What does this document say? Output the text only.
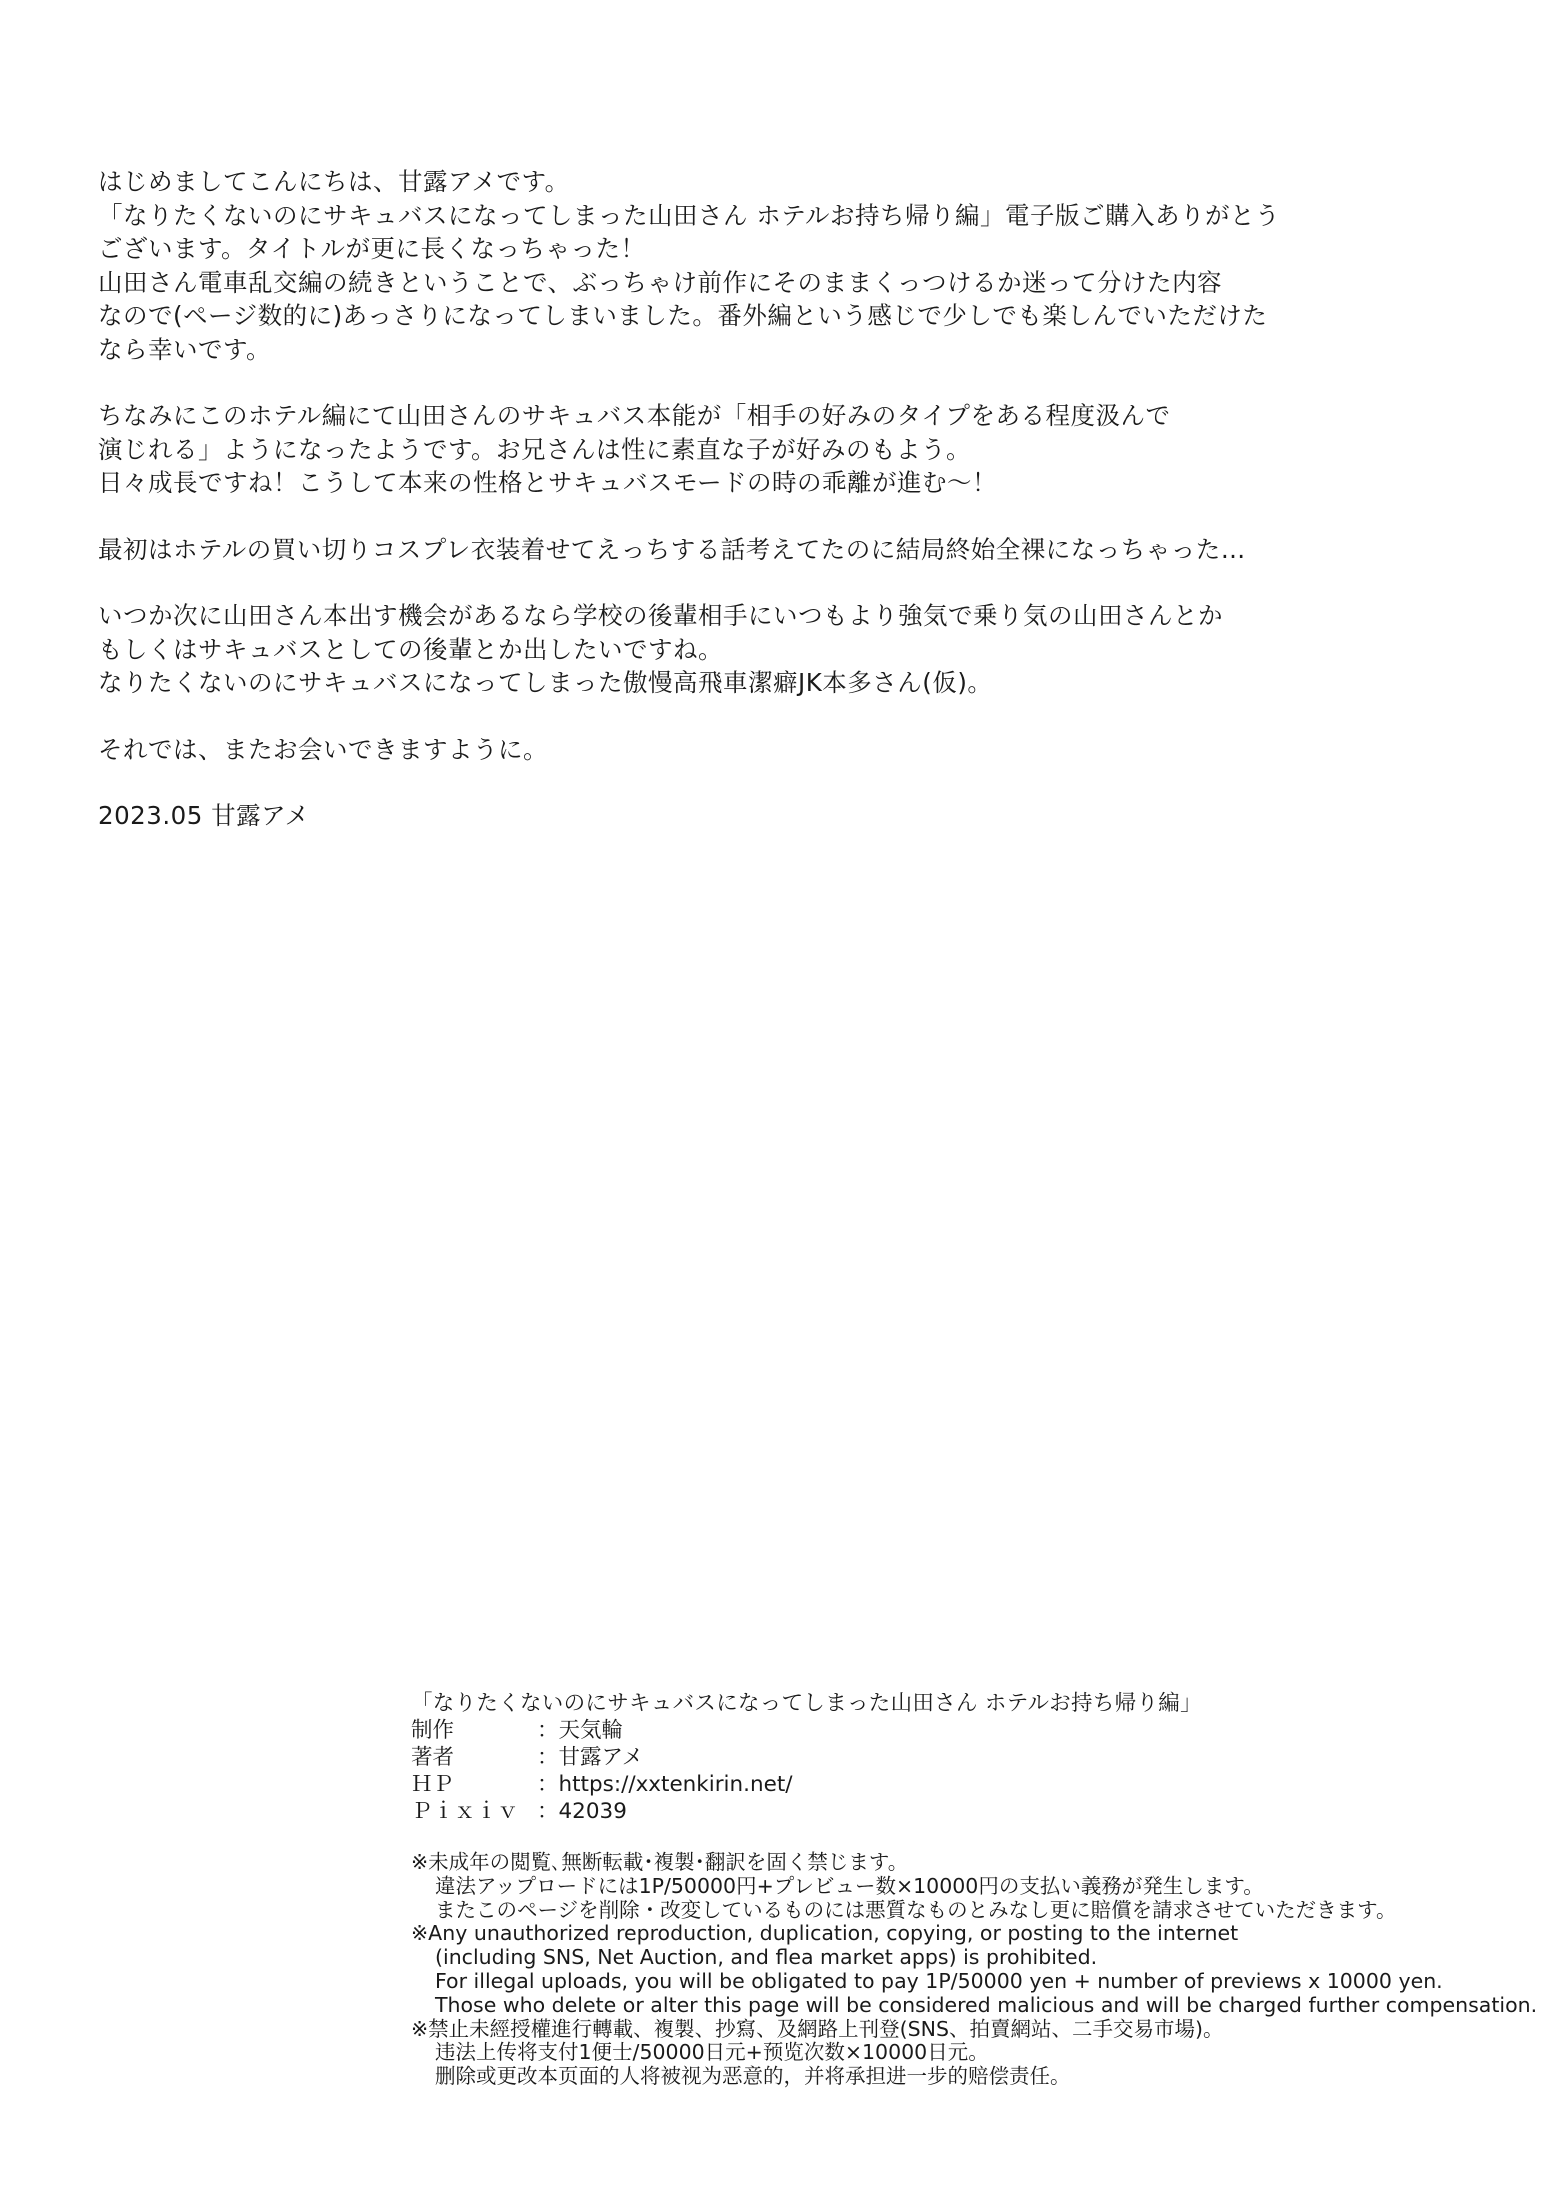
はじめましてこんにちは、甘露アメです。
「なりたくないのにサキュバスになってしまった山田さん ホテルお持ち帰り編」電子版ご購入ありがとう
ございます。タイトルが更に長くなっちゃった！
山田さん電車乱交編の続きということで、ぶっちゃけ前作にそのままくっつけるか迷って分けた内容
なので(ページ数的に)あっさりになってしまいました。番外編という感じで少しでも楽しんでいただけた
なら幸いです。
ちなみにこのホテル編にて山田さんのサキュバス本能が「相手の好みのタイプをある程度汲んで
演じれる」ようになったようです。お兄さんは性に素直な子が好みのもよう。
日々成長ですね！こうして本来の性格とサキュバスモードの時の乖離が進む～！
最初はホテルの買い切りコスプレ衣装着せてえっちする話考えてたのに結局終始全裸になっちゃった…
いつか次に山田さん本出す機会があるなら学校の後輩相手にいつもより強気で乗り気の山田さんとか
もしくはサキュバスとしての後輩とか出したいですね。
なりたくないのにサキュバスになってしまった傲慢高飛車潔癖JK本多さん(仮)。
それでは、またお会いできますように。
2023.05 甘露アメ
「なりたくないのにサキュバスになってしまった山田さん ホテルお持ち帰り編」
制作	：天気輪
著者	：甘露アメ
ＨＰ	：https://xxtenkirin.net/
Ｐｉｘｉｖ ：42039
※未成年の閲覧､無断転載･複製･翻訳を固く禁じます。
違法アップロードには1P/50000円+プレビュー数×10000円の支払い義務が発生します。
またこのページを削除・改変しているものには悪質なものとみなし更に賠償を請求させていただきます。
※Any unauthorized reproduction, duplication, copying, or posting to the internet
(including SNS, Net Auction, and flea market apps) is prohibited.
For illegal uploads, you will be obligated to pay 1P/50000 yen + number of previews x 10000 yen.
Those who delete or alter this page will be considered malicious and will be charged further compensation.
※禁止未經授權進行轉載、複製、抄寫、及網路上刊登(SNS、拍賣網站、二手交易市場)。
违法上传将支付1便士/50000日元+预览次数×10000日元。
删除或更改本页面的人将被视为恶意的，并将承担进一步的赔偿责任。
